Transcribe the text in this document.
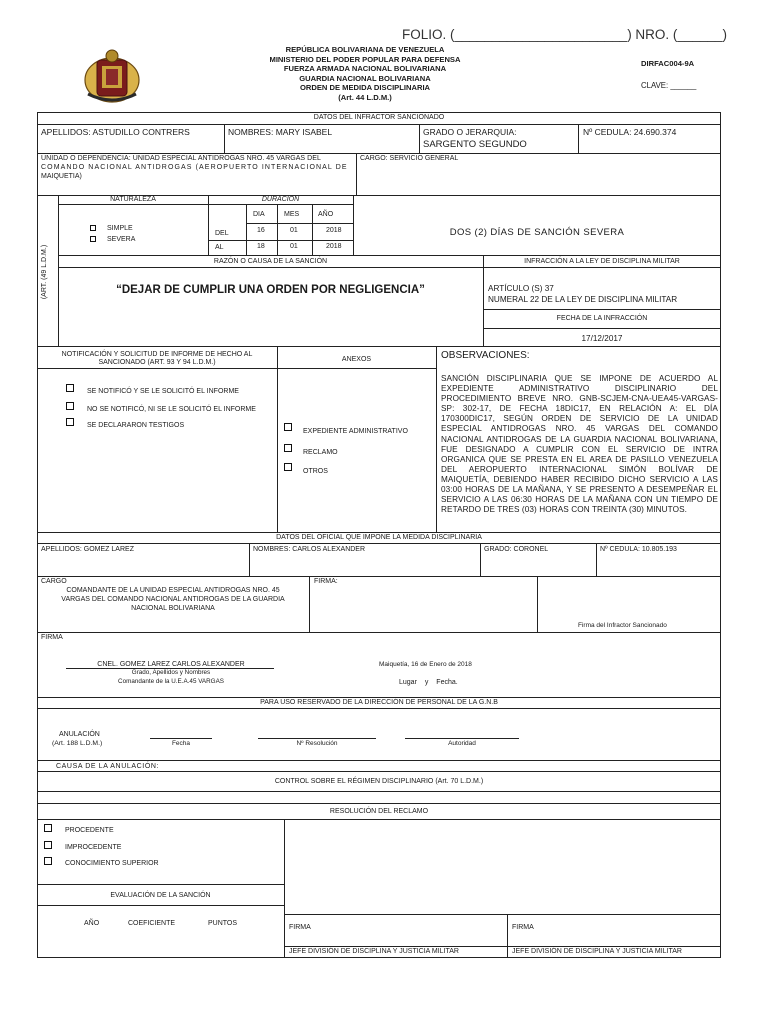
FOLIO. (_______________________) NRO. (______)
REPÚBLICA BOLIVARIANA DE VENEZUELA
MINISTERIO DEL PODER POPULAR PARA DEFENSA
FUERZA ARMADA NACIONAL BOLIVARIANA
GUARDIA NACIONAL BOLIVARIANA
ORDEN DE MEDIDA DISCIPLINARIA
(Art. 44 L.D.M.)
DIRFAC004-9A
CLAVE: ______
DATOS DEL INFRACTOR SANCIONADO
APELLIDOS: ASTUDILLO CONTRERS	NOMBRES: MARY ISABEL	GRADO O JERARQUIA:
SARGENTO SEGUNDO
Nº CEDULA: 24.690.374
UNIDAD O DEPENDENCIA: UNIDAD ESPECIAL ANTIDROGAS NRO. 45 VARGAS DEL
COMANDO NACIONAL ANTIDROGAS (AEROPUERTO INTERNACIONAL DE
MAIQUETIA)
CARGO: SERVICIO GENERAL
(ART. (49 L.D.M.)
NATURALEZA	DURACION
DIA	MES	AÑO
SIMPLE
SEVERA
DEL	16	01	2018
AL	18	01	2018
DOS (2) DÍAS DE SANCIÓN SEVERA
RAZÓN O CAUSA DE LA SANCIÓN	INFRACCIÓN A LA LEY DE DISCIPLINA MILITAR
“DEJAR DE CUMPLIR UNA ORDEN POR NEGLIGENCIA”	ARTÍCULO (S) 37
NUMERAL 22 DE LA LEY DE DISCIPLINA MILITAR
FECHA DE LA INFRACCIÓN
17/12/2017
NOTIFICACIÓN Y SOLICITUD DE INFORME DE HECHO AL
SANCIONADO (ART. 93 Y 94 L.D.M.)	ANEXOS	OBSERVACIONES:
SE NOTIFICÓ Y SE LE SOLICITÓ EL INFORME
NO SE NOTIFICÓ, NI SE LE SOLICITÓ EL INFORME
SE DECLARARON TESTIGOS
EXPEDIENTE ADMINISTRATIVO
RECLAMO
OTROS
SANCIÓN DISCIPLINARIA QUE SE IMPONE DE ACUERDO AL EXPEDIENTE ADMINISTRATIVO DISCIPLINARIO DEL PROCEDIMIENTO BREVE NRO. GNB-SCJEM-CNA-UEA45-VARGAS-SP: 302-17, DE FECHA 18DIC17, EN RELACIÓN A: EL DÍA 170300DIC17, SEGÚN ORDEN DE SERVICIO DE LA UNIDAD ESPECIAL ANTIDROGAS NRO. 45 VARGAS DEL COMANDO NACIONAL ANTIDROGAS DE LA GUARDIA NACIONAL BOLIVARIANA, FUE DESIGNADO A CUMPLIR CON EL SERVICIO DE INTRA ORGANICA QUE SE PRESTA EN EL AREA DE PASILLO VENEZUELA DEL AEROPUERTO INTERNACIONAL SIMÓN BOLÍVAR DE MAIQUETÍA, DEBIENDO HABER RECIBIDO DICHO SERVICIO A LAS 03:00 HORAS DE LA MAÑANA, Y SE PRESENTO A DESEMPEÑAR EL SERVICIO A LAS 06:30 HORAS DE LA MAÑANA CON UN TIEMPO DE RETARDO DE TRES (03) HORAS CON TREINTA (30) MINUTOS.
DATOS DEL OFICIAL QUE IMPONE LA MEDIDA DISCIPLINARIA
APELLIDOS: GOMEZ LAREZ	NOMBRES: CARLOS ALEXANDER	GRADO: CORONEL	Nº CEDULA: 10.805.193
CARGO
COMANDANTE DE LA UNIDAD ESPECIAL ANTIDROGAS NRO. 45
VARGAS DEL COMANDO NACIONAL ANTIDROGAS DE LA GUARDIA
NACIONAL BOLIVARIANA
FIRMA:
Firma del Infractor Sancionado
FIRMA
CNEL. GOMEZ LAREZ CARLOS ALEXANDER
Grado, Apellidos y Nombres
Comandante de la U.E.A.45 VARGAS
Maiquetía, 16 de Enero de 2018
Lugar y Fecha.
PARA USO RESERVADO DE LA DIRECCIÓN DE PERSONAL DE LA G.N.B
ANULACIÓN
(Art. 188 L.D.M.)	Fecha	Nº Resolución	Autoridad
CAUSA DE LA ANULACIÓN:
CONTROL SOBRE EL RÉGIMEN DISCIPLINARIO (Art. 70 L.D.M.)
RESOLUCIÓN DEL RECLAMO
PROCEDENTE
IMPROCEDENTE
CONOCIMIENTO SUPERIOR
EVALUACIÓN DE LA SANCIÓN
AÑO	COEFICIENTE	PUNTOS
FIRMA	FIRMA
JEFE DIVISIÓN DE DISCIPLINA Y JUSTICIA MILITAR	JEFE DIVISIÓN DE DISCIPLINA Y JUSTICIA MILITAR
